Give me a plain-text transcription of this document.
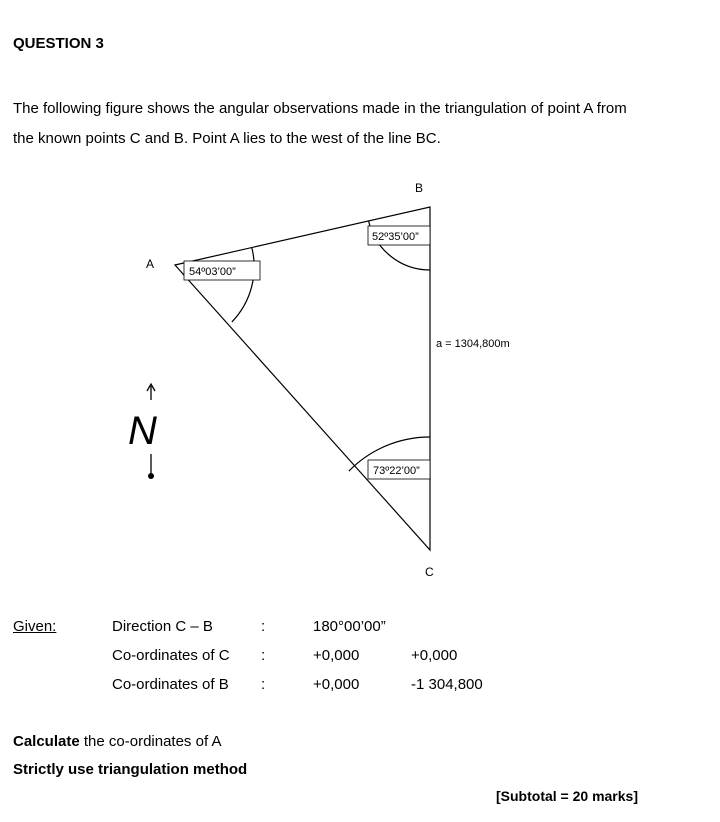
QUESTION 3
The following figure shows the angular observations made in the triangulation of point A from
the known points C and B. Point A lies to the west of the line BC.
54º03’00”
52º35’00”
73º22’00”
A
B
C
a = 1304,800m
N
Given:	Direction C – B	:	180°00’00”
Co-ordinates of C :	+0,000	+0,000
Co-ordinates of B :	+0,000	-1 304,800
Calculate the co-ordinates of A
Strictly use triangulation method
[Subtotal = 20 marks]
